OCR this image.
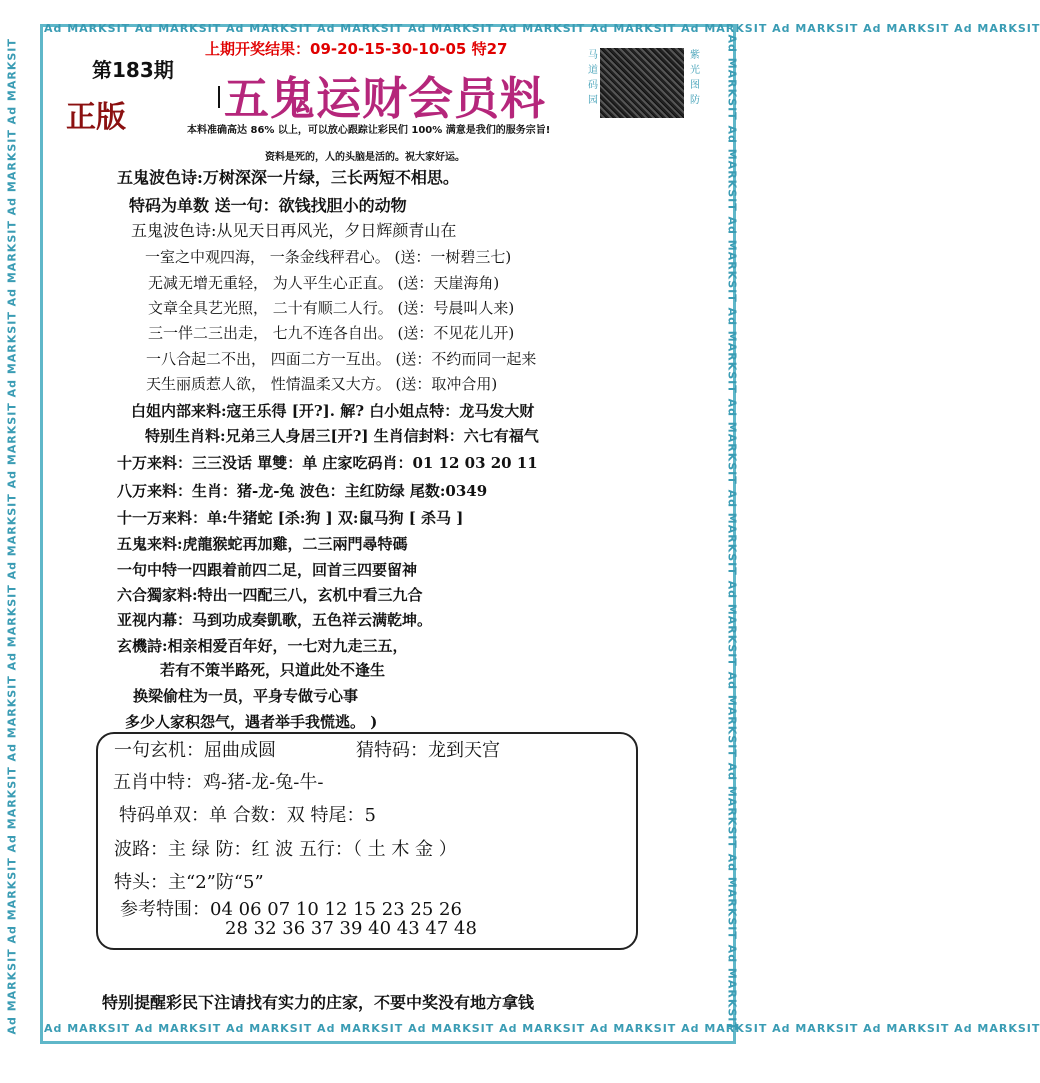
Ad MARKSIT Ad MARKSIT Ad MARKSIT Ad MARKSIT Ad MARKSIT Ad MARKSIT Ad MARKSIT Ad MARKSIT Ad MARKSIT Ad MARKSIT Ad MARKSIT
Ad MARKSIT Ad MARKSIT Ad MARKSIT Ad MARKSIT Ad MARKSIT Ad MARKSIT Ad MARKSIT Ad MARKSIT Ad MARKSIT Ad MARKSIT Ad MARKSIT
Ad MARKSIT Ad MARKSIT Ad MARKSIT Ad MARKSIT Ad MARKSIT Ad MARKSIT Ad MARKSIT Ad MARKSIT Ad MARKSIT Ad MARKSIT Ad MARKSIT	Ad MARKSIT Ad MARKSIT Ad MARKSIT Ad MARKSIT Ad MARKSIT Ad MARKSIT Ad MARKSIT Ad MARKSIT Ad MARKSIT Ad MARKSIT Ad MARKSIT
第183期
正版
上期开奖结果：09-20-15-30-10-05 特27
五鬼运财会员料
马道码园
紫光图防
本料准确高达 86% 以上，可以放心跟踪让彩民们 100% 满意是我们的服务宗旨!
资料是死的，人的头脑是活的。祝大家好运。
五鬼波色诗:万树深深一片绿，三长两短不相思。
特码为单数 送一句：欲钱找胆小的动物
五鬼波色诗:从见天日再风光，夕日辉颜青山在
一室之中观四海， 一条金线秤君心。 (送：一树碧三七)
无减无增无重轻， 为人平生心正直。 (送：天崖海角)
文章全具艺光照， 二十有顺二人行。 (送：号晨叫人来)
三一伴二三出走， 七九不连各自出。 (送：不见花儿开)
一八合起二不出， 四面二方一互出。 (送：不约而同一起来
天生丽质惹人欲， 性情温柔又大方。 (送：取冲合用)
白姐内部来料:寇王乐得 [开?]. 解? 白小姐点特：龙马发大财
特别生肖料:兄弟三人身居三[开?] 生肖信封料：六七有福气
十万来料：三三没话 單雙：单 庄家吃码肖：01 12 03 20 11
八万来料：生肖：猪-龙-兔 波色：主红防绿 尾数:0349
十一万来料：单:牛猪蛇 [杀:狗 ] 双:鼠马狗 [ 杀马 ]
五鬼来料:虎龍猴蛇再加雞，二三兩門尋特碼
一句中特一四跟着前四二足，回首三四要留神
六合獨家料:特出一四配三八，玄机中看三九合
亚视内幕：马到功成奏凱歌，五色祥云满乾坤。
玄機詩:相亲相爱百年好，一七对九走三五，
若有不策半路死，只道此处不逢生
换梁偷柱为一员，平身专做亏心事
多少人家积怨气，遇者举手我慌逃。 )
一句玄机：屈曲成圆	猜特码：龙到天宫
五肖中特：鸡-猪-龙-兔-牛-
特码单双：单 合数：双 特尾：5
波路：主 绿 防：红 波 五行：（ 土 木 金 ）
特头：主“2”防“5”
参考特围：04 06 07 10 12 15 23 25 26
28 32 36 37 39 40 43 47 48
特别提醒彩民下注请找有实力的庄家，不要中奖没有地方拿钱
